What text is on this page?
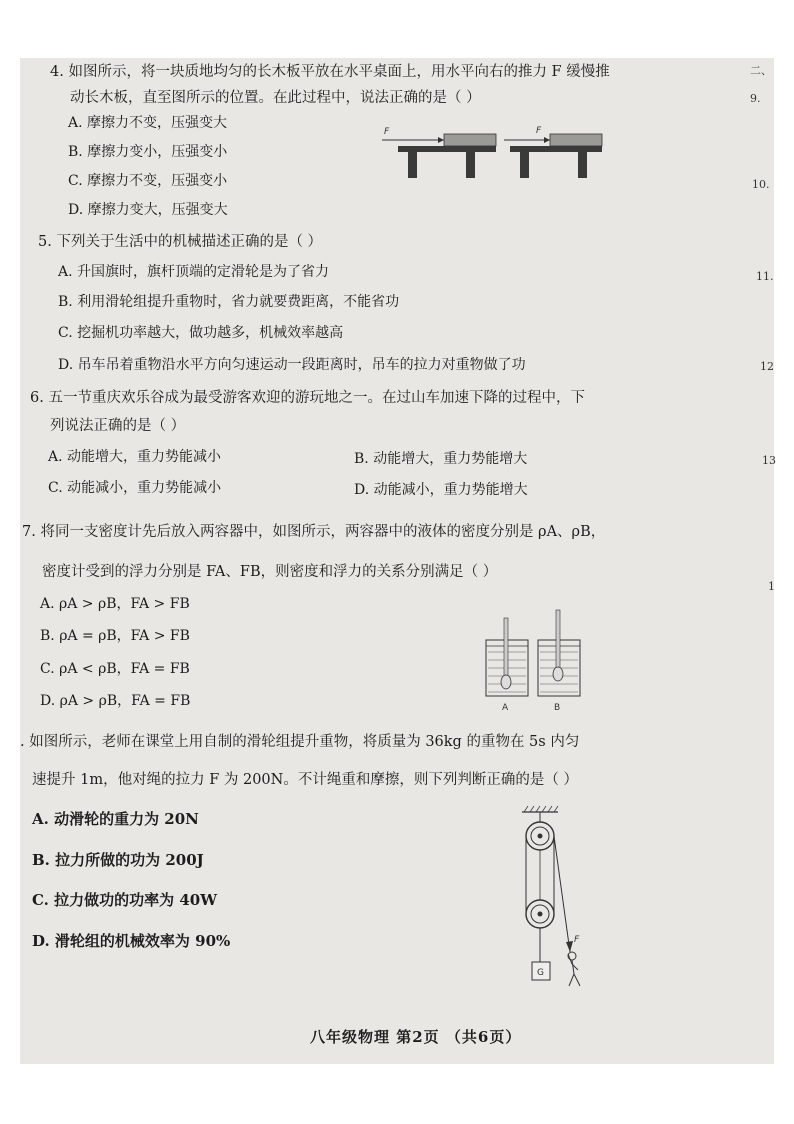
4. 如图所示，将一块质地均匀的长木板平放在水平桌面上，用水平向右的推力 F 缓慢推
动长木板，直至图所示的位置。在此过程中，说法正确的是（ ）
A. 摩擦力不变，压强变大
B. 摩擦力变小，压强变小
C. 摩擦力不变，压强变小
D. 摩擦力变大，压强变大
F	F
5. 下列关于生活中的机械描述正确的是（ ）
A. 升国旗时，旗杆顶端的定滑轮是为了省力
B. 利用滑轮组提升重物时，省力就要费距离，不能省功
C. 挖掘机功率越大，做功越多，机械效率越高
D. 吊车吊着重物沿水平方向匀速运动一段距离时，吊车的拉力对重物做了功
6. 五一节重庆欢乐谷成为最受游客欢迎的游玩地之一。在过山车加速下降的过程中，下
列说法正确的是（ ）
A. 动能增大，重力势能减小	B. 动能增大，重力势能增大
C. 动能减小，重力势能减小	D. 动能减小，重力势能增大
7. 将同一支密度计先后放入两容器中，如图所示，两容器中的液体的密度分别是 ρA、ρB，
密度计受到的浮力分别是 FA、FB，则密度和浮力的关系分别满足（ ）
A. ρA > ρB，FA > FB
B. ρA = ρB，FA > FB
C. ρA < ρB，FA = FB
D. ρA > ρB，FA = FB	A	B
. 如图所示，老师在课堂上用自制的滑轮组提升重物，将质量为 36kg 的重物在 5s 内匀
速提升 1m，他对绳的拉力 F 为 200N。不计绳重和摩擦，则下列判断正确的是（ ）
A. 动滑轮的重力为 20N
B. 拉力所做的功为 200J
C. 拉力做功的功率为 40W
D. 滑轮组的机械效率为 90%	F
G
二、
9.
10.
11.
12
13
1
八年级物理 第2页 （共6页）
